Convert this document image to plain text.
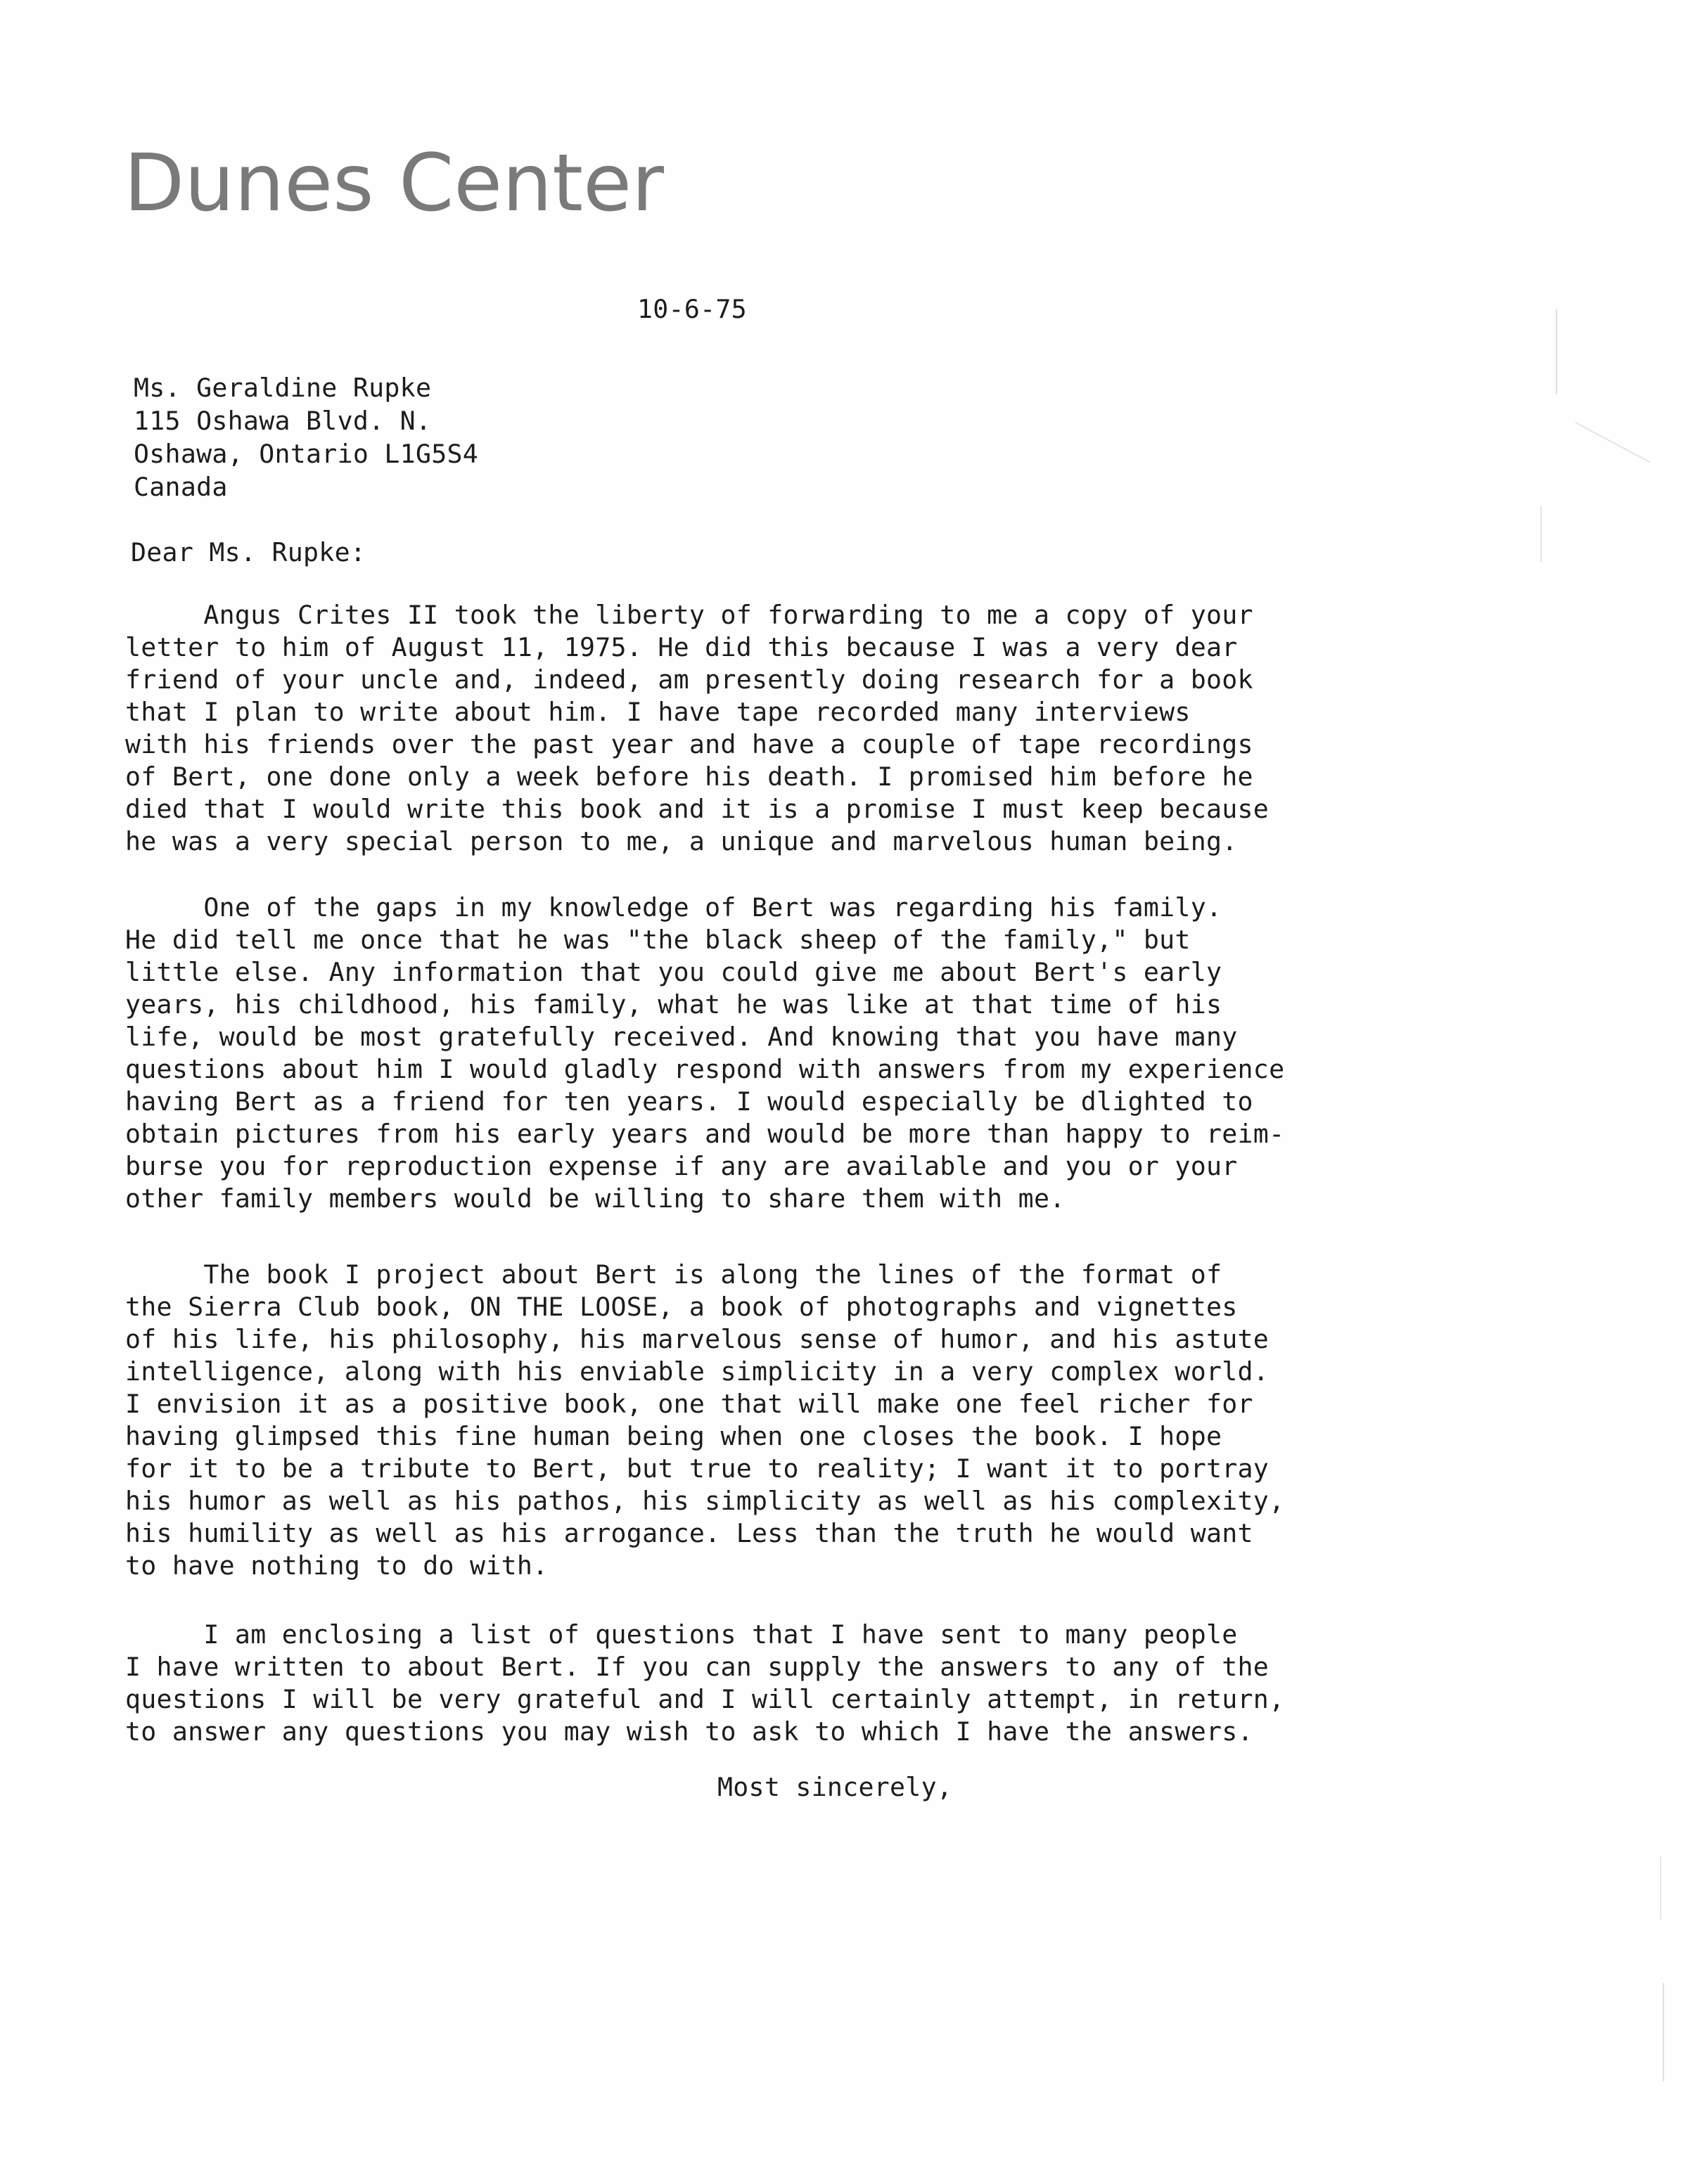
Dunes Center
10-6-75
Ms. Geraldine Rupke
115 Oshawa Blvd. N.
Oshawa, Ontario L1G5S4
Canada
Dear Ms. Rupke:
Angus Crites II took the liberty of forwarding to me a copy of your
letter to him of August 11, 1975. He did this because I was a very dear
friend of your uncle and, indeed, am presently doing research for a book
that I plan to write about him. I have tape recorded many interviews
with his friends over the past year and have a couple of tape recordings
of Bert, one done only a week before his death. I promised him before he
died that I would write this book and it is a promise I must keep because
he was a very special person to me, a unique and marvelous human being.
One of the gaps in my knowledge of Bert was regarding his family.
He did tell me once that he was "the black sheep of the family," but
little else. Any information that you could give me about Bert's early
years, his childhood, his family, what he was like at that time of his
life, would be most gratefully received. And knowing that you have many
questions about him I would gladly respond with answers from my experience
having Bert as a friend for ten years. I would especially be dlighted to
obtain pictures from his early years and would be more than happy to reim-
burse you for reproduction expense if any are available and you or your
other family members would be willing to share them with me.
The book I project about Bert is along the lines of the format of
the Sierra Club book, ON THE LOOSE, a book of photographs and vignettes
of his life, his philosophy, his marvelous sense of humor, and his astute
intelligence, along with his enviable simplicity in a very complex world.
I envision it as a positive book, one that will make one feel richer for
having glimpsed this fine human being when one closes the book. I hope
for it to be a tribute to Bert, but true to reality; I want it to portray
his humor as well as his pathos, his simplicity as well as his complexity,
his humility as well as his arrogance. Less than the truth he would want
to have nothing to do with.
I am enclosing a list of questions that I have sent to many people
I have written to about Bert. If you can supply the answers to any of the
questions I will be very grateful and I will certainly attempt, in return,
to answer any questions you may wish to ask to which I have the answers.
Most sincerely,
